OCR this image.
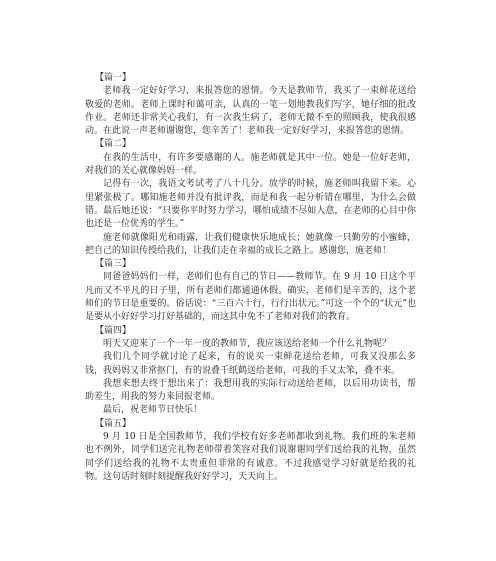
【篇一】

老师我一定好好学习，来报答您的恩情。今天是教师节，我买了一束鲜花送给敬爱的老师。老师上课时和蔼可亲，认真的一笔一划地教我们写字，她仔细的批改作业。老师还非常关心我们，有一次我生病了，老师无微不至的照顾我，使我很感动。在此说一声老师谢谢您，您辛苦了！老师我一定好好学习，来报答您的恩情。

【篇二】

在我的生活中，有许多要感谢的人。施老师就是其中一位。她是一位好老师，对我们的关心就像妈妈一样。

记得有一次，我语文考试考了八十几分。放学的时候，施老师叫我留下来。心里紧张极了。哪知施老师并没有批评我，而是和我一起分析错在哪里，为什么会做错。最后她还说：“只要你平时努力学习，哪怕成绩不尽如人意，在老师的心目中你也还是一位优秀的学生。”

施老师就像阳光和雨露，让我们健康快乐地成长；她就像一只勤劳的小蜜蜂，把自己的知识传授给我们，让我们走在幸福的成长之路上。感谢您，施老师！

【篇三】

同爸爸妈妈们一样，老师们也有自己的节日——教师节。在 9 月 10 日这个平凡而又不平凡的日子里，所有老师们都通通休假。确实，老师们是辛苦的，这个老师们的节日是重要的。俗话说：“三百六十行，行行出状元。”可这一个个的“状元”也是要从小好好学习打好基础的，而这其中免不了老师对我们的教育。

【篇四】

明天又迎来了一个一年一度的教师节，我应该送给老师一个什么礼物呢？

我们几个同学就讨论了起来，有的说买一束鲜花送给老师，可我又没那么多钱，我妈妈又非常抠门，有的说叠千纸鹤送给老师，可我的手又太笨，叠不来。

我想来想去终于想出来了：我想用我的实际行动送给老师，以后用功读书，帮助差生，用我的努力来回报老师。

最后，祝老师节日快乐！

【篇五】

9 月 10 日是全国教师节，我们学校有好多老师都收到礼物。我们班的朱老师也不例外，同学们送完礼物老师带着笑容对我们说谢谢同学们送给我的礼物，虽然同学们送给我的礼物不太贵重但非常的有诚意。不过我感觉学习好就是给我的礼物。这句话时刻时刻提醒我好好学习，天天向上。
